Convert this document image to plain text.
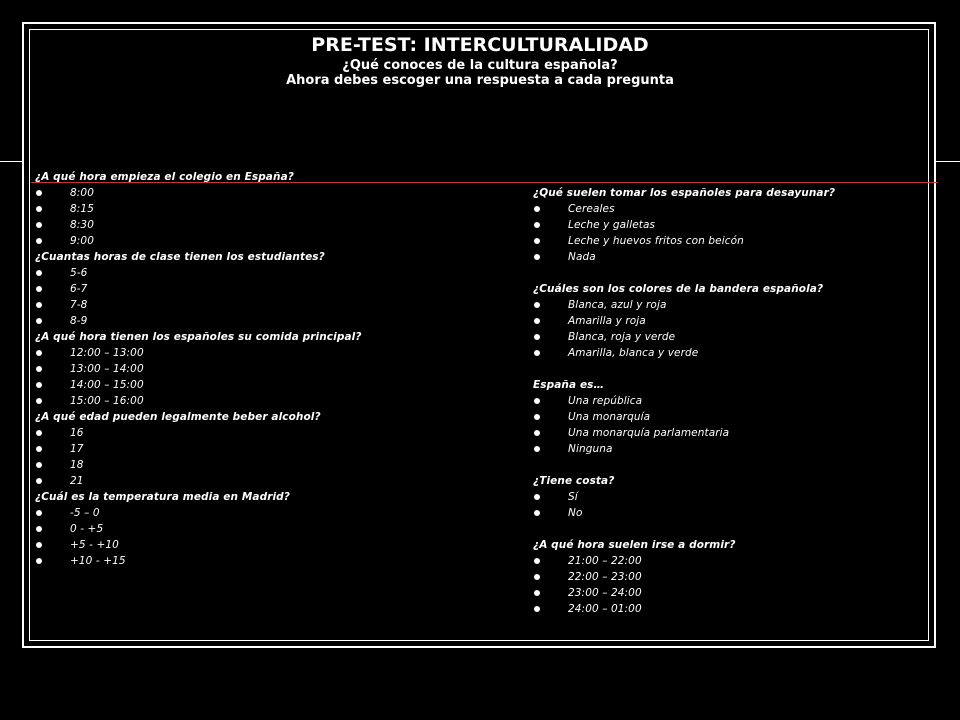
PRE-TEST: INTERCULTURALIDAD
¿Qué conoces de la cultura española?
Ahora debes escoger una respuesta a cada pregunta
¿A qué hora empieza el colegio en España?
8:00
8:15
8:30
9:00
¿Cuantas horas de clase tienen los estudiantes?
5-6
6-7
7-8
8-9
¿A qué hora tienen los españoles su comida principal?
12:00 – 13:00
13:00 – 14:00
14:00 – 15:00
15:00 – 16:00
¿A qué edad pueden legalmente beber alcohol?
16
17
18
21
¿Cuál es la temperatura media en Madrid?
-5 – 0
0 - +5
+5 - +10
+10 - +15
¿Qué suelen tomar los españoles para desayunar?
Cereales
Leche y galletas
Leche y huevos fritos con beicón
Nada
¿Cuáles son los colores de la bandera española?
Blanca, azul y roja
Amarilla y roja
Blanca, roja y verde
Amarilla, blanca y verde
España es…
Una república
Una monarquía
Una monarquía parlamentaria
Ninguna
¿Tiene costa?
Sí
No
¿A qué hora suelen irse a dormir?
21:00 – 22:00
22:00 – 23:00
23:00 – 24:00
24:00 – 01:00
